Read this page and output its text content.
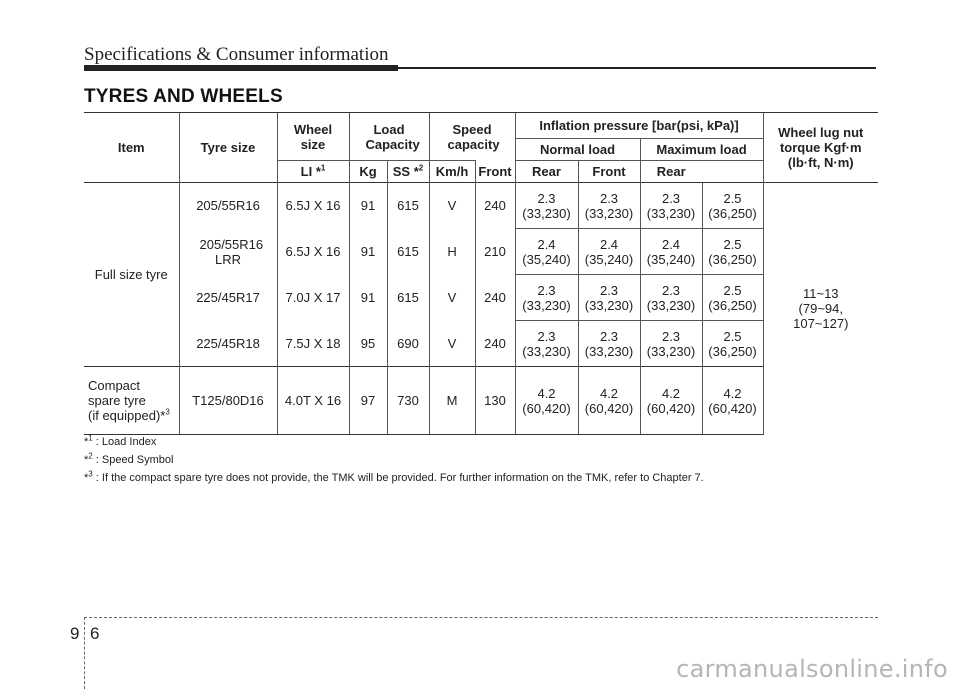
Specifications & Consumer information
TYRES AND WHEELS
Item	Tyre size	Wheel size	Load Capacity		Speed capacity		Inflation pressure [bar(psi, kPa)]				Wheel lug nut torque Kgf·m (lb·ft, N·m)
							Normal load		Maximum load		
		LI *$^1$	Kg	SS *$^2$	Km/h	Front	Rear	Front	Rear		
Full size tyre	205/55R16	6.5J X 16	91	615	V	240	2.3 (33,230)	2.3 (33,230)	2.3 (33,230)	2.5 (36,250)	11~13 (79~94, 107~127)
	205/55R16 LRR	6.5J X 16	91	615	H	210	2.4 (35,240)	2.4 (35,240)	2.4 (35,240)	2.5 (36,250)	
	225/45R17	7.0J X 17	91	615	V	240	2.3 (33,230)	2.3 (33,230)	2.3 (33,230)	2.5 (36,250)	
	225/45R18	7.5J X 18	95	690	V	240	2.3 (33,230)	2.3 (33,230)	2.3 (33,230)	2.5 (36,250)	
Compact
spare tyre
(if equipped)*$^3$	T125/80D16	4.0T X 16	97	730	M	130	4.2 (60,420)	4.2 (60,420)	4.2 (60,420)	4.2 (60,420)	
*$^1$ : Load Index
*$^2$ : Speed Symbol
*$^3$ : If the compact spare tyre does not provide, the TMK will be provided. For further information on the TMK, refer to Chapter 7.
9 6
carmanualsonline.info
